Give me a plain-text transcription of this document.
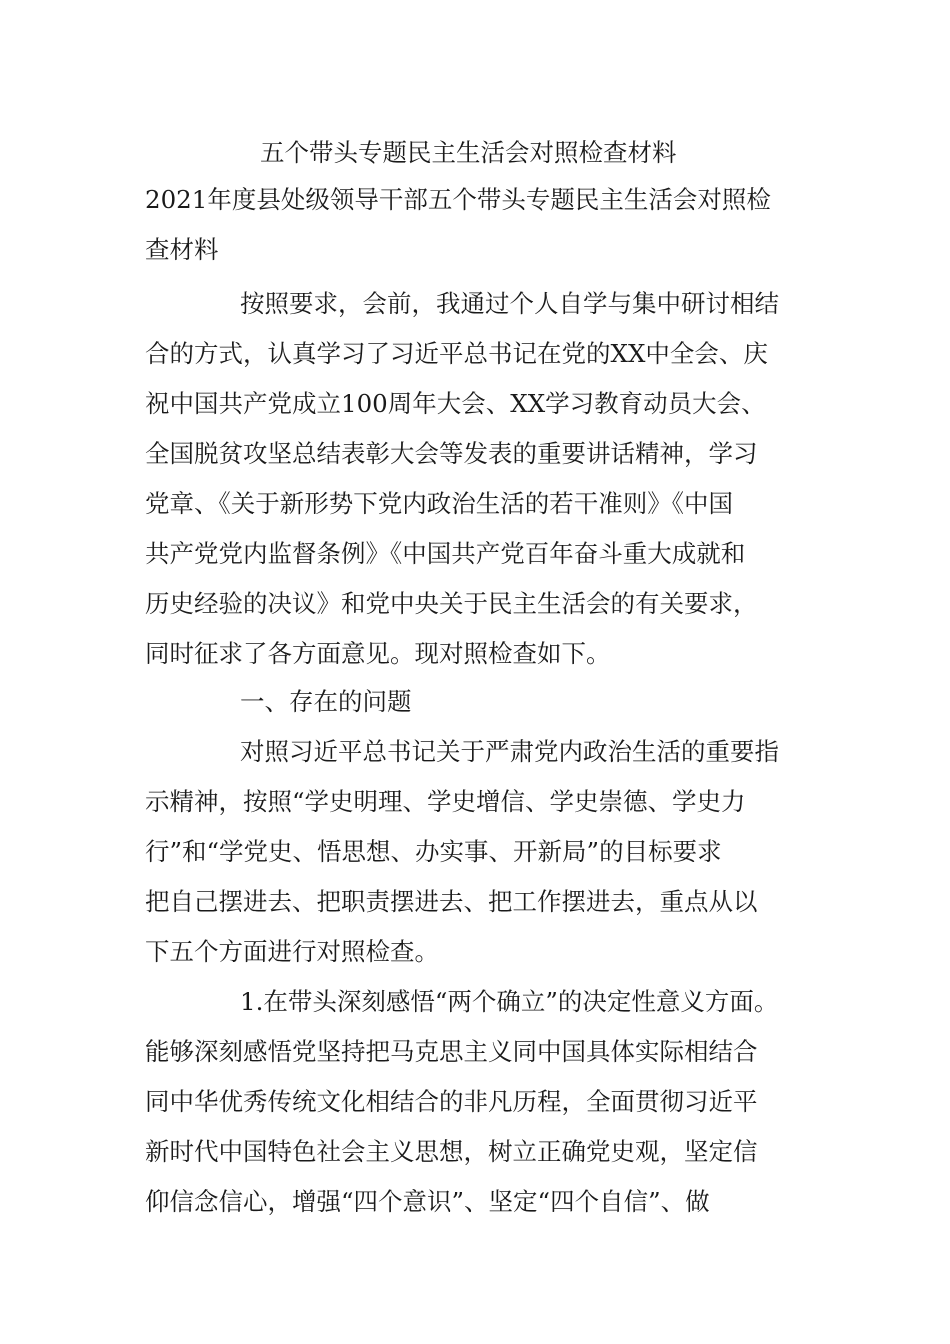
五个带头专题民主生活会对照检查材料
2021年度县处级领导干部五个带头专题民主生活会对照检
查材料
按照要求，会前，我通过个人自学与集中研讨相结
合的方式，认真学习了习近平总书记在党的XX中全会、庆
祝中国共产党成立100周年大会、XX学习教育动员大会、
全国脱贫攻坚总结表彰大会等发表的重要讲话精神，学习
党章、《关于新形势下党内政治生活的若干准则》《中国
共产党党内监督条例》《中国共产党百年奋斗重大成就和
历史经验的决议》和党中央关于民主生活会的有关要求，
同时征求了各方面意见。现对照检查如下。
一、存在的问题
对照习近平总书记关于严肃党内政治生活的重要指
示精神，按照“学史明理、学史增信、学史崇德、学史力
行”和“学党史、悟思想、办实事、开新局”的目标要求
把自己摆进去、把职责摆进去、把工作摆进去，重点从以
下五个方面进行对照检查。
1.在带头深刻感悟“两个确立”的决定性意义方面。
能够深刻感悟党坚持把马克思主义同中国具体实际相结合
同中华优秀传统文化相结合的非凡历程，全面贯彻习近平
新时代中国特色社会主义思想，树立正确党史观，坚定信
仰信念信心，增强“四个意识”、坚定“四个自信”、做
